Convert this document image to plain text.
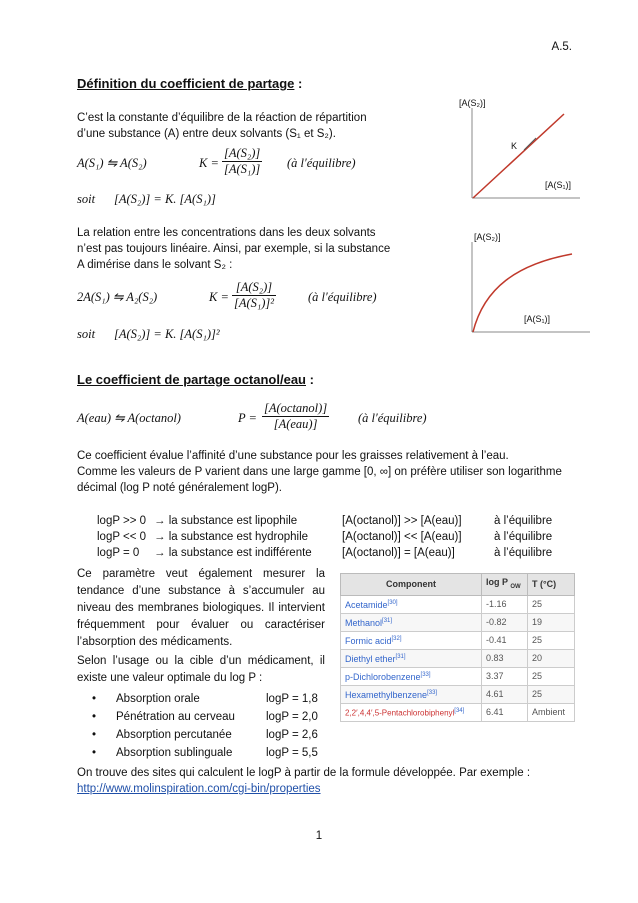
A.5.
Définition du coefficient de partage :
C’est la constante d’équilibre de la réaction de répartition
d’une substance (A) entre deux solvants (S₁ et S₂).
A(S₁) ⇋ A(S₂)	$K = \frac{\text{[A(S₂)]}}{\text{[A(S₁)]}}$ (à l′équilibre)
soit [A(S₂)] = K. [A(S₁)]
La relation entre les concentrations dans les deux solvants
n’est pas toujours linéaire. Ainsi, par exemple, si la substance
A dimérise dans le solvant S₂ :
2A(S₁) ⇋ A₂(S₂)	$K = \frac{\text{[A(S₂)]}}{\text{[A(S₁)]²}}$	(à l′équilibre)
soit [A(S₂)] = K. [A(S₁)]²
[A(S₂)]
K
[A(S₁)]
[A(S₂)]
[A(S₁)]
Le coefficient de partage octanol/eau :
A(eau) ⇋ A(octanol)	P =
[A(octanol)]
[A(eau)]	(à l′équilibre)
Ce coefficient évalue l’affinité d’une substance pour les graisses relativement à l’eau.
Comme les valeurs de P varient dans une large gamme [0, ∞] on préfère utiliser son logarithme
décimal (log P noté généralement logP).
logP >> 0 → la substance est lipophile	[A(octanol)] >> [A(eau)]	à l’équilibre
logP << 0 → la substance est hydrophile	[A(octanol)] << [A(eau)]	à l’équilibre
logP = 0 → la substance est indifférente	[A(octanol)] = [A(eau)]	à l’équilibre
Ce paramètre veut également mesurer la
tendance d’une substance à s’accumuler au
niveau des membranes biologiques. Il intervient
fréquemment pour évaluer ou caractériser
l’absorption des médicaments.
Selon l’usage ou la cible d’un médicament, il
existe une valeur optimale du log P :
• Absorption orale	logP = 1,8
• Pénétration au cerveau	logP = 2,0
• Absorption percutanée	logP = 2,6
• Absorption sublinguale	logP = 5,5
Component	log P $_{OW}$	T (°C)
Acetamide[30]	-1.16	25
Methanol[31]	-0.82	19
Formic acid[32]	-0.41	25
Diethyl ether[31]	0.83	20
p-Dichlorobenzene[33]	3.37	25
Hexamethylbenzene[33]	4.61	25
2,2′,4,4′,5-Pentachlorobiphenyl[34]	6.41	Ambient
On trouve des sites qui calculent le logP à partir de la formule développée. Par exemple :
http://www.molinspiration.com/cgi-bin/properties
1
